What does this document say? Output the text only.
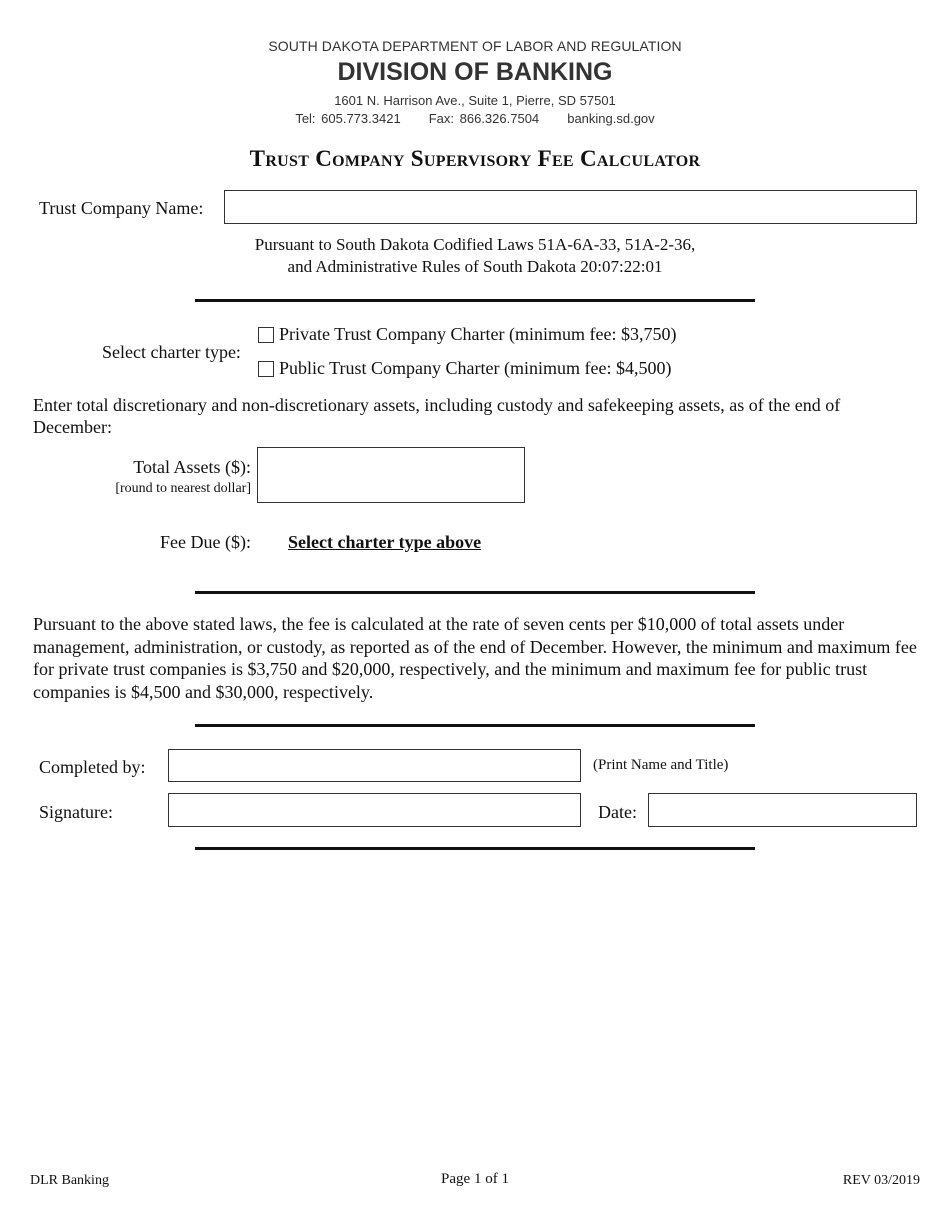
SOUTH DAKOTA DEPARTMENT OF LABOR AND REGULATION
DIVISION OF BANKING
1601 N. Harrison Ave., Suite 1, Pierre, SD 57501
Tel: 605.773.3421     Fax: 866.326.7504     banking.sd.gov
Trust Company Supervisory Fee Calculator
Trust Company Name:
Pursuant to South Dakota Codified Laws 51A-6A-33, 51A-2-36,
and Administrative Rules of South Dakota 20:07:22:01
Select charter type:
Private Trust Company Charter (minimum fee: $3,750)
Public Trust Company Charter (minimum fee: $4,500)
Enter total discretionary and non-discretionary assets, including custody and safekeeping assets, as of the end of December:
Total Assets ($):
[round to nearest dollar]
Fee Due ($): Select charter type above
Pursuant to the above stated laws, the fee is calculated at the rate of seven cents per $10,000 of total assets under management, administration, or custody, as reported as of the end of December. However, the minimum and maximum fee for private trust companies is $3,750 and $20,000, respectively, and the minimum and maximum fee for public trust companies is $4,500 and $30,000, respectively.
Completed by:	(Print Name and Title)
Signature:	Date:
DLR Banking	Page 1 of 1	REV 03/2019
